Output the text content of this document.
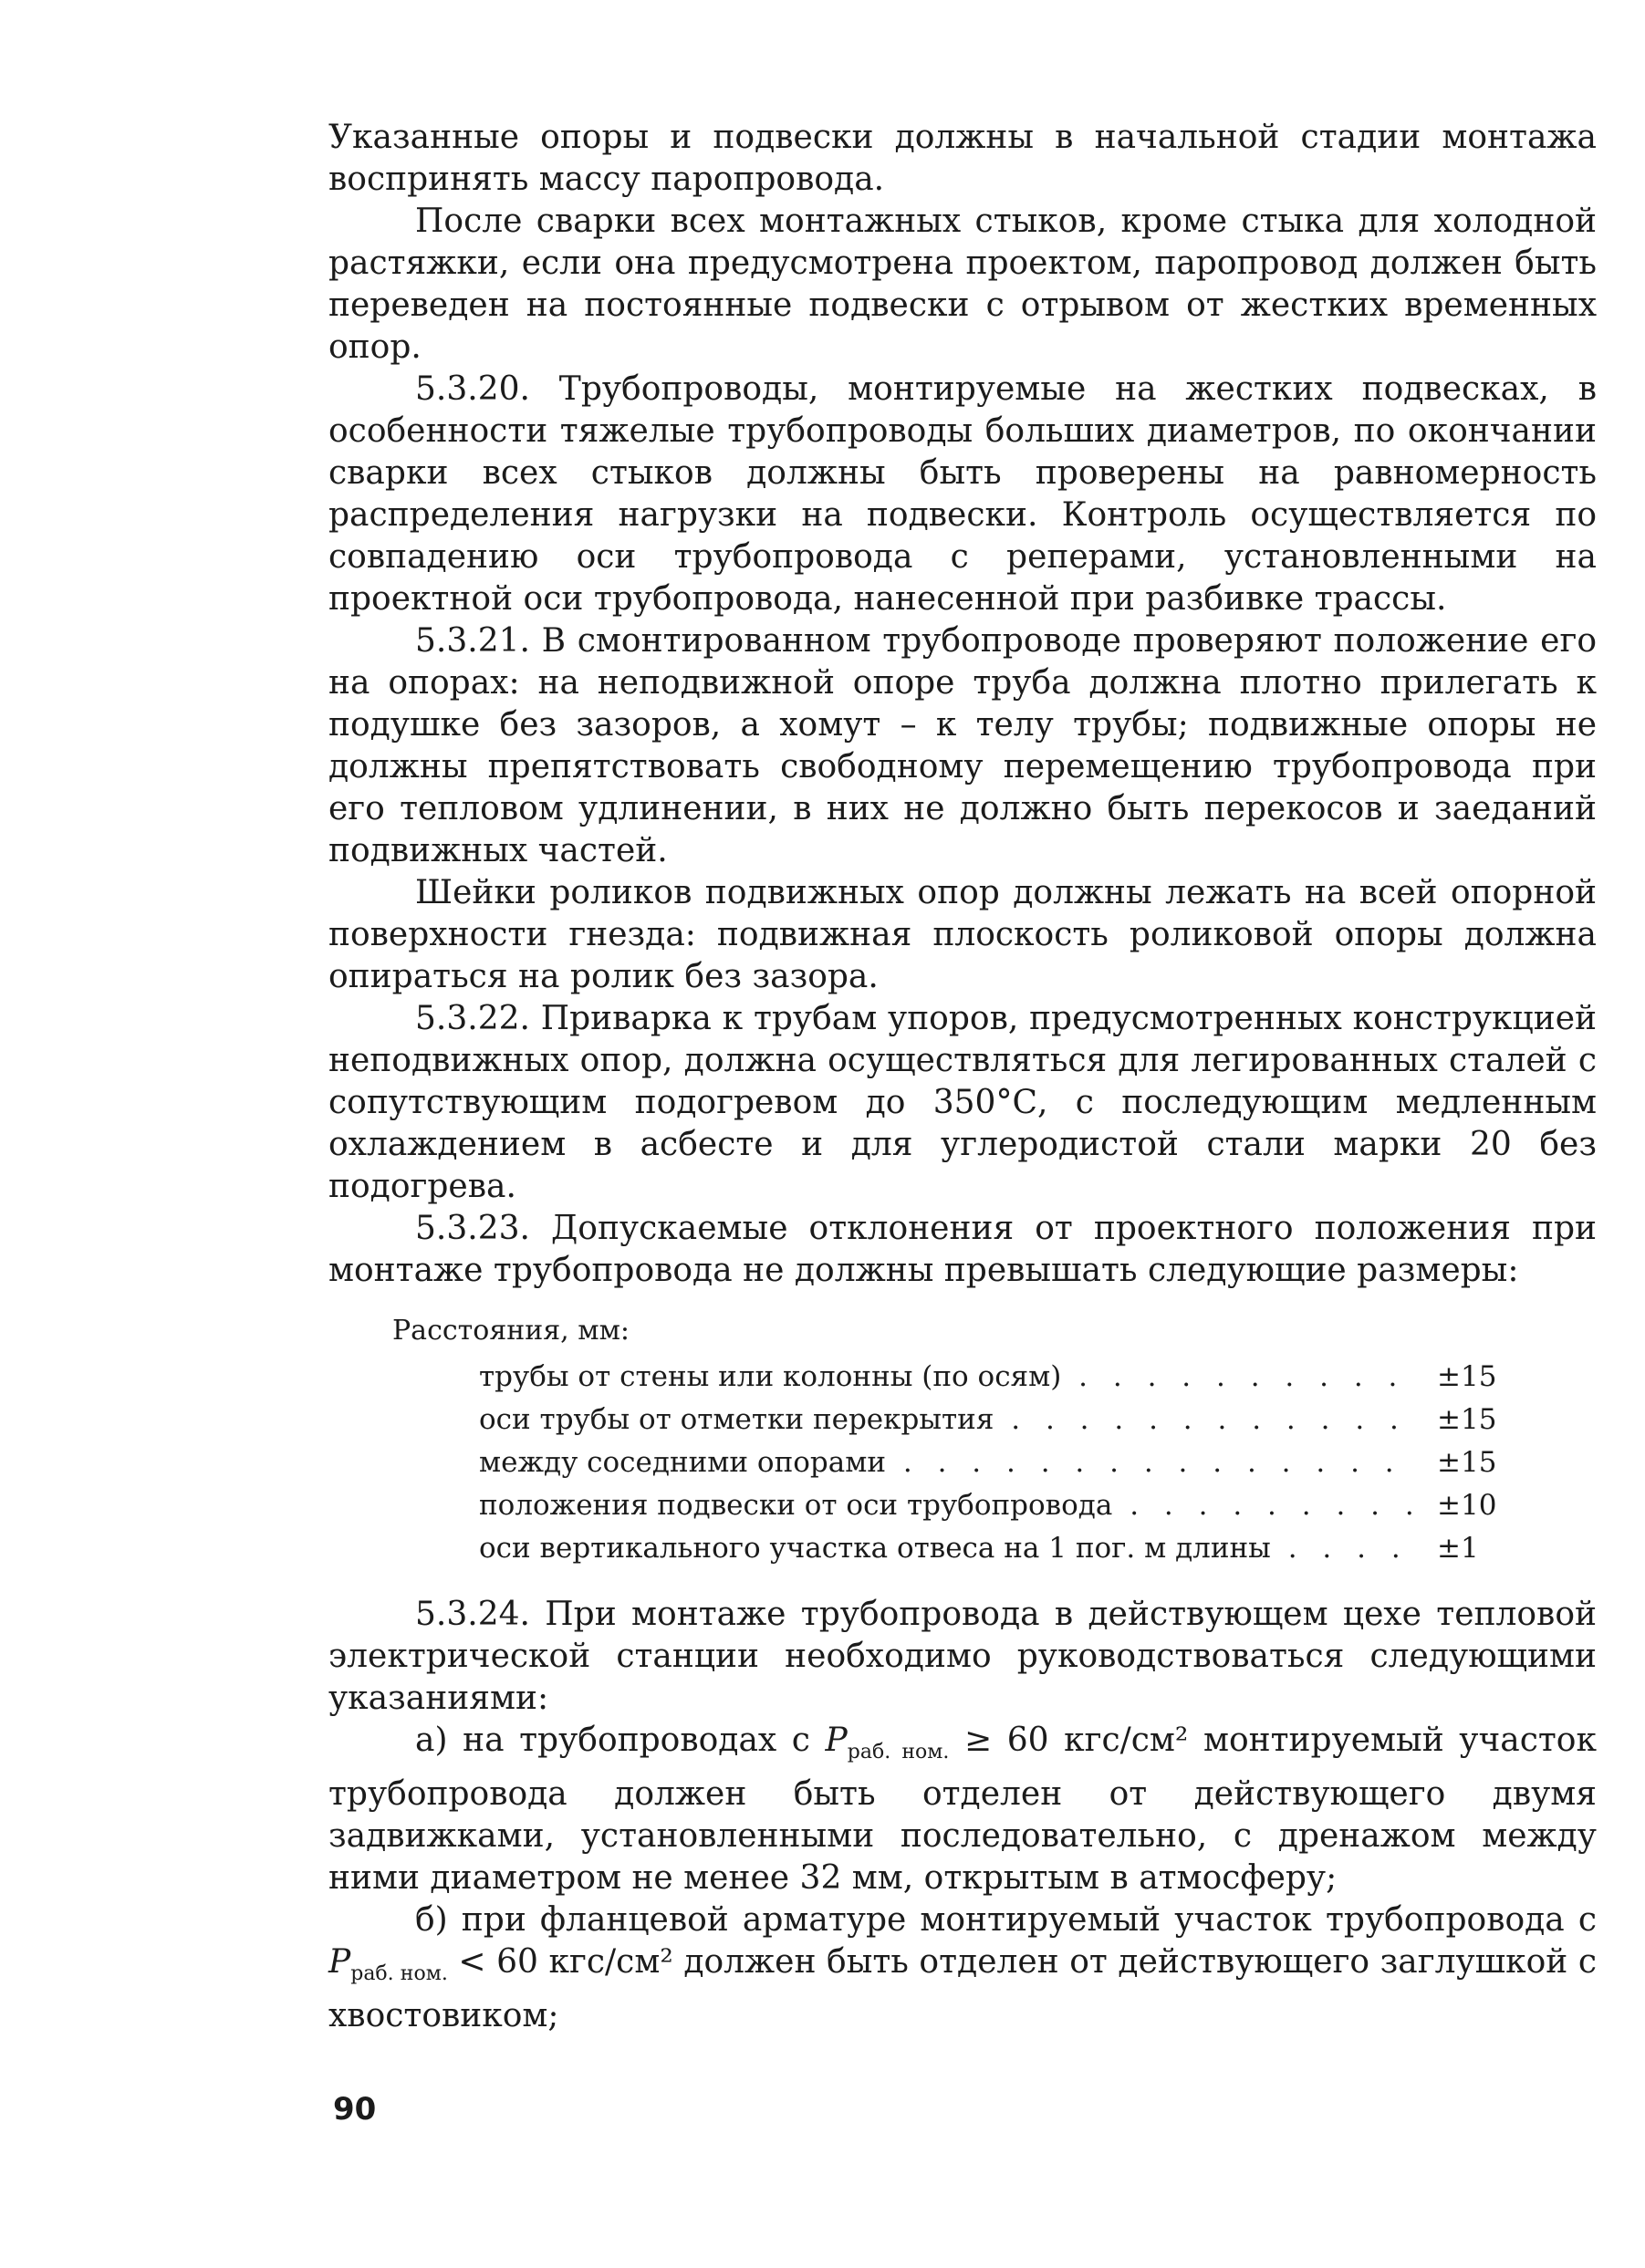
Указанные опоры и подвески должны в начальной стадии монтажа воспринять массу паропровода.

После сварки всех монтажных стыков, кроме стыка для холодной растяжки, если она предусмотрена проектом, паропровод должен быть переведен на постоянные подвески с отрывом от жестких временных опор.

5.3.20. Трубопроводы, монтируемые на жестких подвесках, в особенности тяжелые трубопроводы больших диаметров, по окончании сварки всех стыков должны быть проверены на равномерность распределения нагрузки на подвески. Контроль осуществляется по совпадению оси трубопровода с реперами, установленными на проектной оси трубопровода, нанесенной при разбивке трассы.

5.3.21. В смонтированном трубопроводе проверяют положение его на опорах: на неподвижной опоре труба должна плотно прилегать к подушке без зазоров, а хомут – к телу трубы; подвижные опоры не должны препятствовать свободному перемещению трубопровода при его тепловом удлинении, в них не должно быть перекосов и заеданий подвижных частей.

Шейки роликов подвижных опор должны лежать на всей опорной поверхности гнезда: подвижная плоскость роликовой опоры должна опираться на ролик без зазора.

5.3.22. Приварка к трубам упоров, предусмотренных конструкцией неподвижных опор, должна осуществляться для легированных сталей с сопутствующим подогревом до 350°С, с последующим медленным охлаждением в асбесте и для углеродистой стали марки 20 без подогрева.

5.3.23. Допускаемые отклонения от проектного положения при монтаже трубопровода не должны превышать следующие размеры:

Расстояния, мм:
трубы от стены или колонны (по осям) . . .	±15
оси трубы от отметки перекрытия . . .	±15
между соседними опорами . . .	±15
положения подвески от оси трубопровода . . .	±10
оси вертикального участка отвеса на 1 пог. м длины . . .	±1

5.3.24. При монтаже трубопровода в действующем цехе тепловой электрической станции необходимо руководствоваться следующими указаниями:

а) на трубопроводах с $P_{раб. ном.} \ge 60$ кгс/см² монтируемый участок трубопровода должен быть отделен от действующего двумя задвижками, установленными последовательно, с дренажом между ними диаметром не менее 32 мм, открытым в атмосферу;

б) при фланцевой арматуре монтируемый участок трубопровода с $P_{раб. ном.} < 60$ кгс/см² должен быть отделен от действующего заглушкой с хвостовиком;

90
